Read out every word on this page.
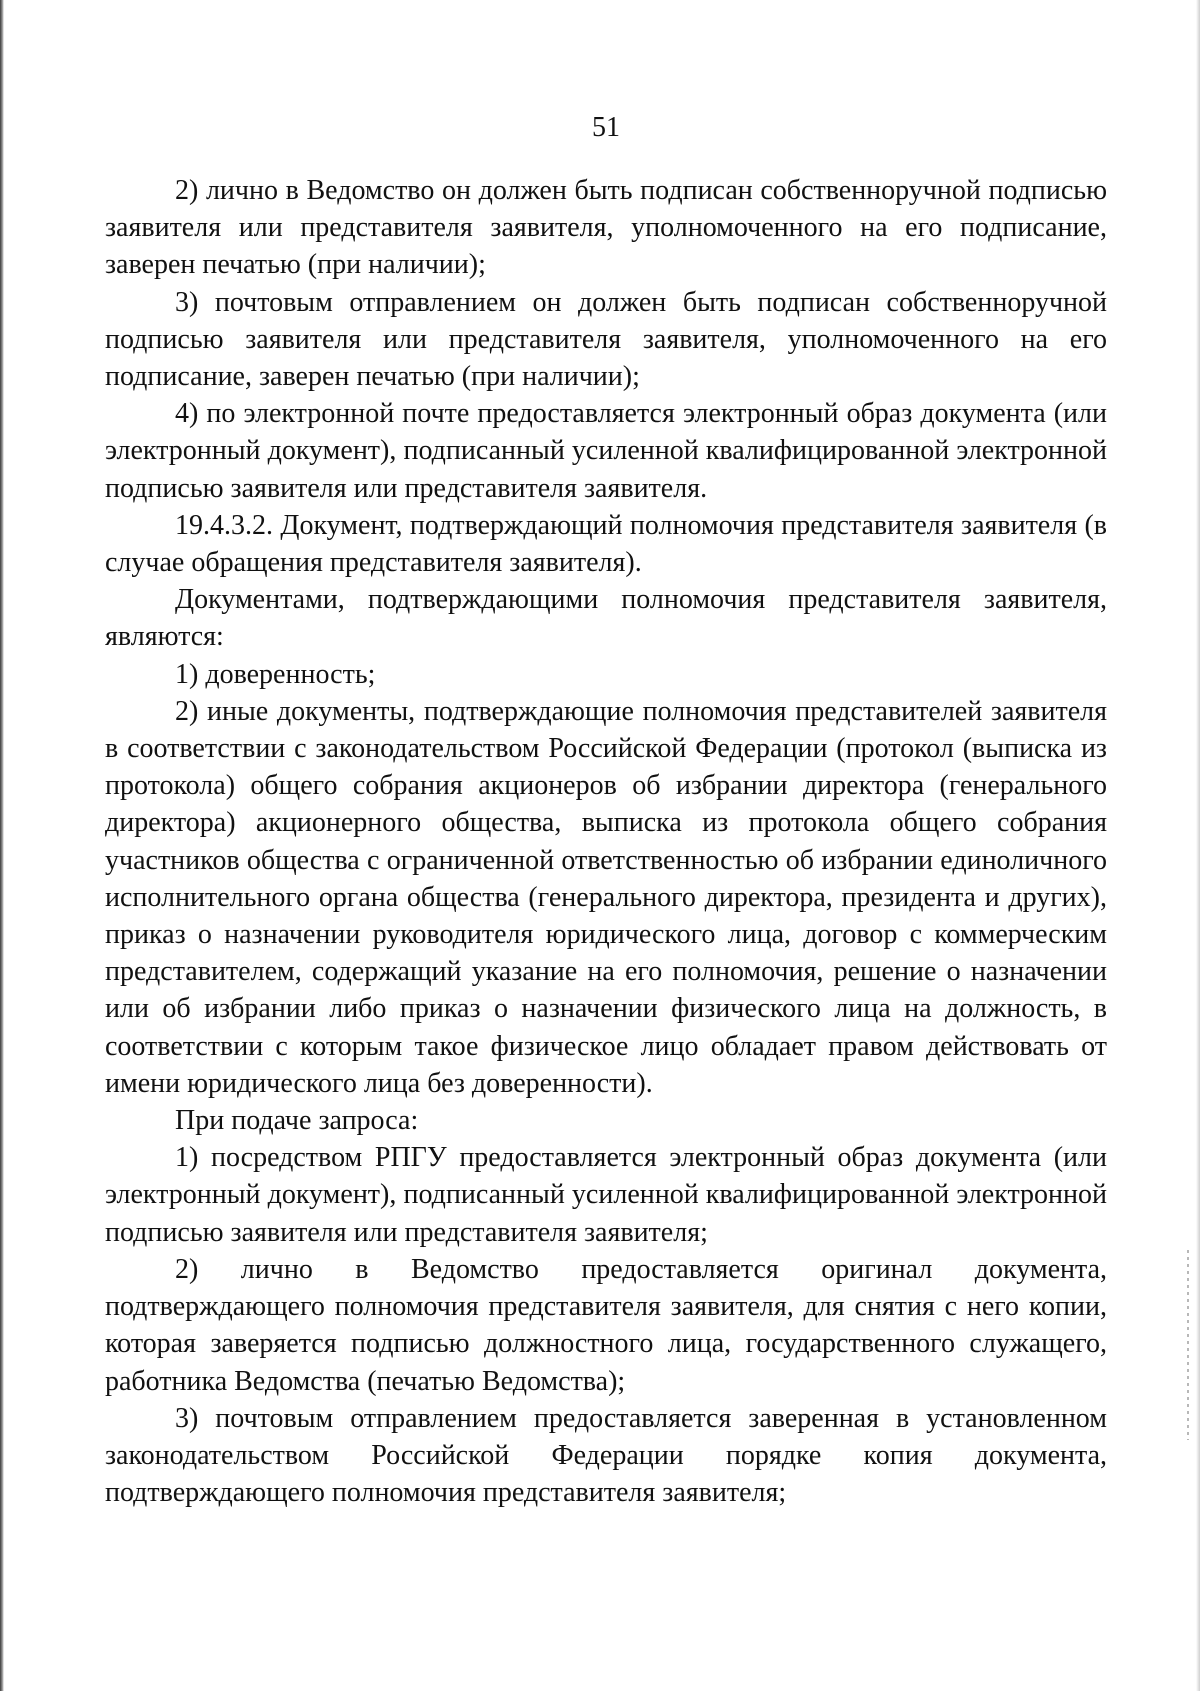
51

2) лично в Ведомство он должен быть подписан собственноручной подписью заявителя или представителя заявителя, уполномоченного на его подписание, заверен печатью (при наличии);

3) почтовым отправлением он должен быть подписан собственноручной подписью заявителя или представителя заявителя, уполномоченного на его подписание, заверен печатью (при наличии);

4) по электронной почте предоставляется электронный образ документа (или электронный документ), подписанный усиленной квалифицированной электронной подписью заявителя или представителя заявителя.

19.4.3.2. Документ, подтверждающий полномочия представителя заявителя (в случае обращения представителя заявителя).

Документами, подтверждающими полномочия представителя заявителя, являются:

1) доверенность;

2) иные документы, подтверждающие полномочия представителей заявителя в соответствии с законодательством Российской Федерации (протокол (выписка из протокола) общего собрания акционеров об избрании директора (генерального директора) акционерного общества, выписка из протокола общего собрания участников общества с ограниченной ответственностью об избрании единоличного исполнительного органа общества (генерального директора, президента и других), приказ о назначении руководителя юридического лица, договор с коммерческим представителем, содержащий указание на его полномочия, решение о назначении или об избрании либо приказ о назначении физического лица на должность, в соответствии с которым такое физическое лицо обладает правом действовать от имени юридического лица без доверенности).

При подаче запроса:

1) посредством РПГУ предоставляется электронный образ документа (или электронный документ), подписанный усиленной квалифицированной электронной подписью заявителя или представителя заявителя;

2) лично в Ведомство предоставляется оригинал документа, подтверждающего полномочия представителя заявителя, для снятия с него копии, которая заверяется подписью должностного лица, государственного служащего, работника Ведомства (печатью Ведомства);

3) почтовым отправлением предоставляется заверенная в установленном законодательством Российской Федерации порядке копия документа, подтверждающего полномочия представителя заявителя;
